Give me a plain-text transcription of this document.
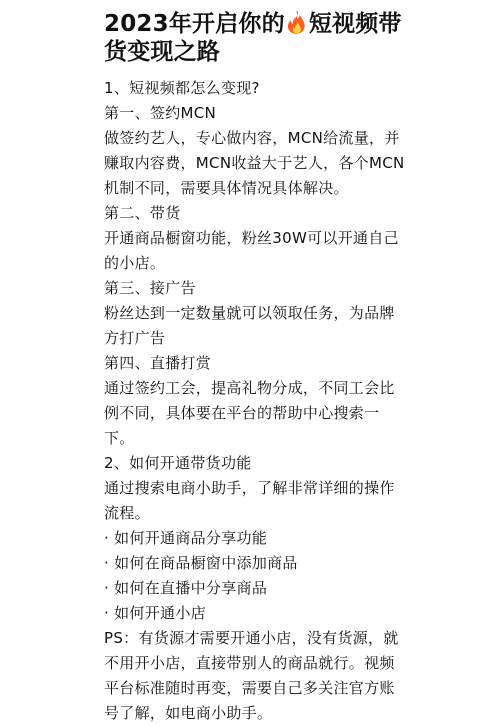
2023年开启你的 短视频带货变现之路

1、短视频都怎么变现?

第一、签约MCN

做签约艺人，专心做内容，MCN给流量，并赚取内容费，MCN收益大于艺人，各个MCN机制不同，需要具体情况具体解决。

第二、带货

开通商品橱窗功能，粉丝30W可以开通自己的小店。

第三、接广告

粉丝达到一定数量就可以领取任务，为品牌方打广告

第四、直播打赏

通过签约工会，提高礼物分成，不同工会比例不同，具体要在平台的帮助中心搜索一下。

2、如何开通带货功能

通过搜索电商小助手，了解非常详细的操作流程。

· 如何开通商品分享功能

· 如何在商品橱窗中添加商品

· 如何在直播中分享商品

· 如何开通小店

PS：有货源才需要开通小店，没有货源，就不用开小店，直接带别人的商品就行。视频平台标准随时再变，需要自己多关注官方账号了解，如电商小助手。
